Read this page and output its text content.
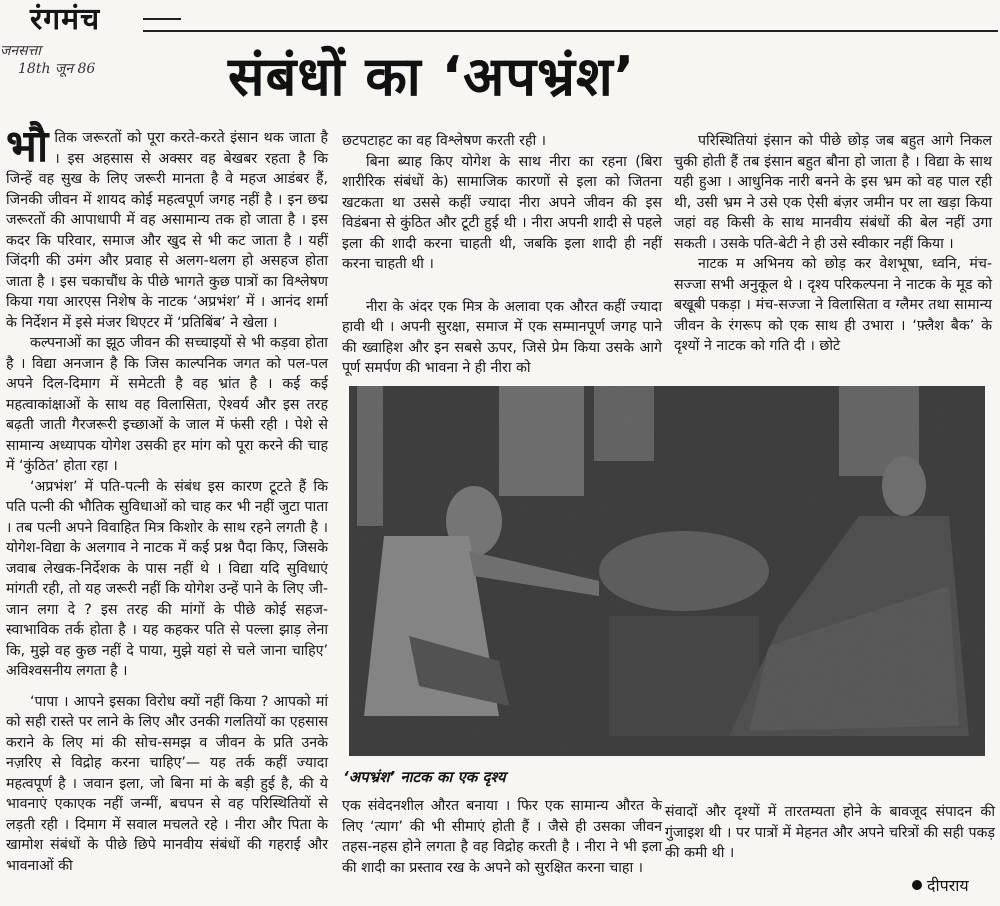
रंगमंच
जनसत्ता
18th जून 86	संबंधों का ‘अपभ्रंश’
भौ तिक जरूरतों को पूरा करते-करते इंसान थक जाता है । इस अहसास से अक्सर वह बेखबर रहता है कि जिन्हें वह सुख के लिए जरूरी मानता है वे महज आडंबर हैं, जिनकी जीवन में शायद कोई महत्वपूर्ण जगह नहीं है । इन छद्म जरूरतों की आपाधापी में वह असामान्य तक हो जाता है । इस कदर कि परिवार, समाज और खुद से भी कट जाता है । यहीं जिंदगी की उमंग और प्रवाह से अलग-थलग हो असहज होता जाता है । इस चकाचौंध के पीछे भागते कुछ पात्रों का विश्लेषण किया गया आरएस निशेष के नाटक ‘अप्रभंश’ में । आनंद शर्मा के निर्देशन में इसे मंजर थिएटर में ‘प्रतिबिंब’ ने खेला ।

कल्पनाओं का झूठ जीवन की सच्चाइयों से भी कड़वा होता है । विद्या अनजान है कि जिस काल्पनिक जगत को पल-पल अपने दिल-दिमाग में समेटती है वह भ्रांत है । कई कई महत्वाकांक्षाओं के साथ वह विलासिता, ऐश्वर्य और इस तरह बढ़ती जाती गैरजरूरी इच्छाओं के जाल में फंसी रही । पेशे से सामान्य अध्यापक योगेश उसकी हर मांग को पूरा करने की चाह में ‘कुंठित’ होता रहा ।

‘अप्रभंश’ में पति-पत्नी के संबंध इस कारण टूटते हैं कि पति पत्नी की भौतिक सुविधाओं को चाह कर भी नहीं जुटा पाता । तब पत्नी अपने विवाहित मित्र किशोर के साथ रहने लगती है । योगेश-विद्या के अलगाव ने नाटक में कई प्रश्न पैदा किए, जिसके जवाब लेखक-निर्देशक के पास नहीं थे । विद्या यदि सुविधाएं मांगती रही, तो यह जरूरी नहीं कि योगेश उन्हें पाने के लिए जी-जान लगा दे ? इस तरह की मांगों के पीछे कोई सहज-स्वाभाविक तर्क होता है । यह कहकर पति से पल्ला झाड़ लेना कि, मुझे वह कुछ नहीं दे पाया, मुझे यहां से चले जाना चाहिए’ अविश्वसनीय लगता है ।

‘पापा । आपने इसका विरोध क्यों नहीं किया ? आपको मां को सही रास्ते पर लाने के लिए और उनकी गलतियों का एहसास कराने के लिए मां की सोच-समझ व जीवन के प्रति उनके नज़रिए से विद्रोह करना चाहिए’— यह तर्क कहीं ज्यादा महत्वपूर्ण है । जवान इला, जो बिना मां के बड़ी हुई है, की ये भावनाएं एकाएक नहीं जन्मीं, बचपन से वह परिस्थितियों से लड़ती रही । दिमाग में सवाल मचलते रहे । नीरा और पिता के खामोश संबंधों के पीछे छिपे मानवीय संबंधों की गहराई और भावनाओं की

छटपटाहट का वह विश्लेषण करती रही ।

बिना ब्याह किए योगेश के साथ नीरा का रहना (बिरा शारीरिक संबंधों के) सामाजिक कारणों से इला को जितना खटकता था उससे कहीं ज्यादा नीरा अपने जीवन की इस विडंबना से कुंठित और टूटी हुई थी । नीरा अपनी शादी से पहले इला की शादी करना चाहती थी, जबकि इला शादी ही नहीं करना चाहती थी ।

नीरा के अंदर एक मित्र के अलावा एक औरत कहीं ज्यादा हावी थी । अपनी सुरक्षा, समाज में एक सम्मानपूर्ण जगह पाने की ख्वाहिश और इन सबसे ऊपर, जिसे प्रेम किया उसके आगे पूर्ण समर्पण की भावना ने ही नीरा को

परिस्थितियां इंसान को पीछे छोड़ जब बहुत आगे निकल चुकी होती हैं तब इंसान बहुत बौना हो जाता है । विद्या के साथ यही हुआ । आधुनिक नारी बनने के इस भ्रम को वह पाल रही थी, उसी भ्रम ने उसे एक ऐसी बंज़र जमीन पर ला खड़ा किया जहां वह किसी के साथ मानवीय संबंधों की बेल नहीं उगा सकती । उसके पति-बेटी ने ही उसे स्वीकार नहीं किया ।

नाटक म अभिनय को छोड़ कर वेशभूषा, ध्वनि, मंच-सज्जा सभी अनुकूल थे । दृश्य परिकल्पना ने नाटक के मूड को बखूबी पकड़ा । मंच-सज्जा ने विलासिता व ग्लैमर तथा सामान्य जीवन के रंगरूप को एक साथ ही उभारा । ‘फ़्लैश बैक’ के दृश्यों ने नाटक को गति दी । छोटे

‘अपभ्रंश’ नाटक का एक दृश्य

एक संवेदनशील औरत बनाया । फिर एक सामान्य औरत के लिए ‘त्याग’ की भी सीमाएं होती हैं । जैसे ही उसका जीवन तहस-नहस होने लगता है वह विद्रोह करती है । नीरा ने भी इला की शादी का प्रस्ताव रख के अपने को सुरक्षित करना चाहा ।

संवादों और दृश्यों में तारतम्यता होने के बावजूद संपादन की गुंजाइश थी । पर पात्रों में मेहनत और अपने चरित्रों की सही पकड़ की कमी थी ।

दीपराय
